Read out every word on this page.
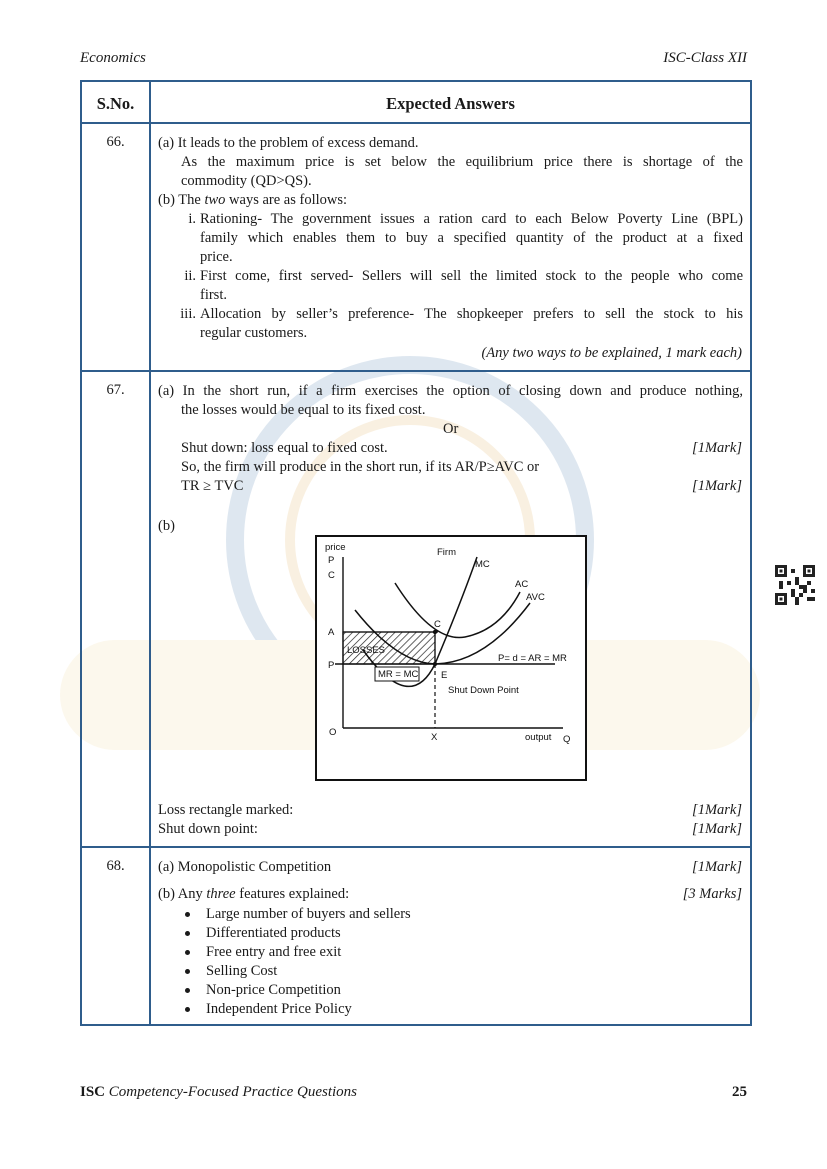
Economics	ISC-Class XII
S.No.	Expected Answers
66.	(a) It leads to the problem of excess demand.
As the maximum price is set below the equilibrium price there is shortage of the
commodity (QD>QS).
(b) The two ways are as follows:
i. Rationing- The government issues a ration card to each Below Poverty Line (BPL)
family which enables them to buy a specified quantity of the product at a fixed
price.
ii. First come, first served- Sellers will sell the limited stock to the people who come
first.
iii. Allocation by seller’s preference- The shopkeeper prefers to sell the stock to his
regular customers.
(Any two ways to be explained, 1 mark each)
67.	(a) In the short run, if a firm exercises the option of closing down and produce nothing,
the losses would be equal to its fixed cost.
Or
Shut down: loss equal to fixed cost.	[1Mark]
So, the firm will produce in the short run, if its AR/P≥AVC or
TR ≥ TVC	[1Mark]
(b)
price
P
C
Firm
MC
AC
AVC
A
C
LOSSES
P
P= d = AR = MR
MR = MC E
Shut Down Point
O	X	output Q
Loss rectangle marked:	[1Mark]
Shut down point:	[1Mark]
68.	(a) Monopolistic Competition	[1Mark]
(b) Any three features explained:	[3 Marks]
Large number of buyers and sellers
Differentiated products
Free entry and free exit
Selling Cost
Non-price Competition
Independent Price Policy
ISC Competency-Focused Practice Questions	25
